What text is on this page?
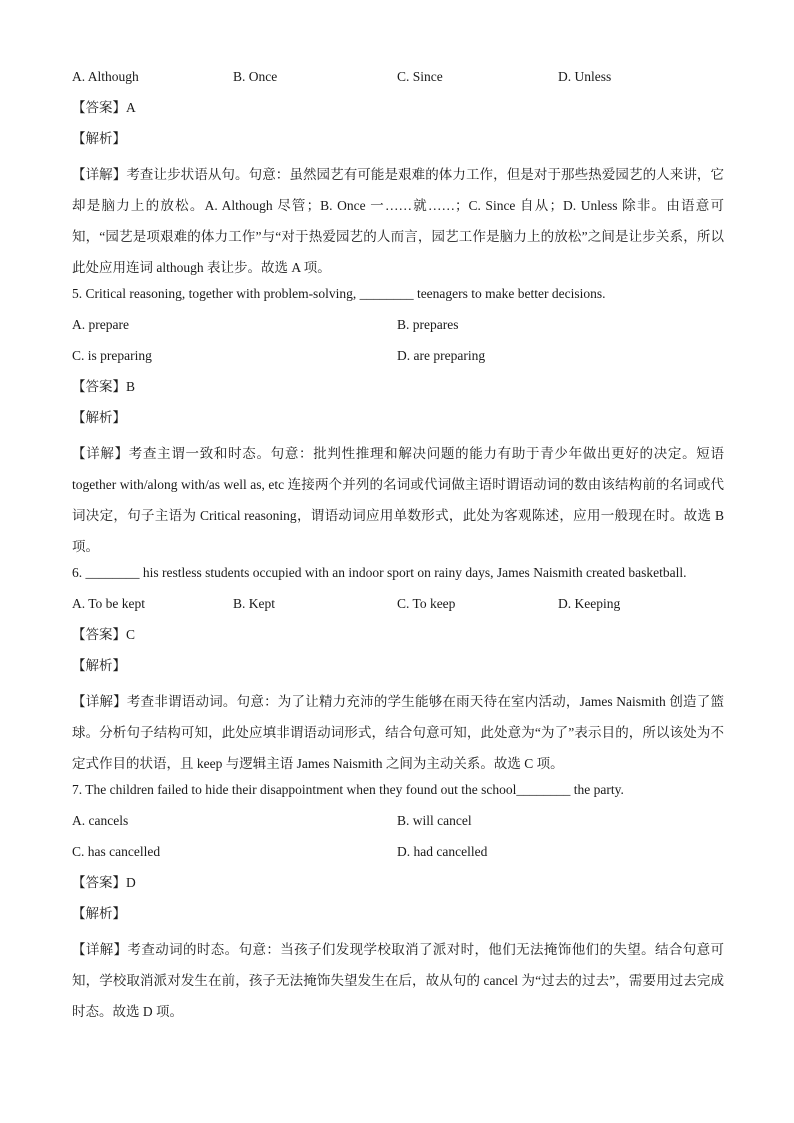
A. Although	B. Once	C. Since	D. Unless
【答案】A
【解析】
【详解】考查让步状语从句。句意：虽然园艺有可能是艰难的体力工作，但是对于那些热爱园艺的人来讲，它却是脑力上的放松。A. Although 尽管；B. Once 一……就……；C. Since 自从；D. Unless 除非。由语意可知，“园艺是项艰难的体力工作”与“对于热爱园艺的人而言，园艺工作是脑力上的放松”之间是让步关系，所以此处应用连词 although 表让步。故选 A 项。
5. Critical reasoning, together with problem-solving, ________ teenagers to make better decisions.
A. prepare	B. prepares
C. is preparing	D. are preparing
【答案】B
【解析】
【详解】考查主谓一致和时态。句意：批判性推理和解决问题的能力有助于青少年做出更好的决定。短语 together with/along with/as well as, etc 连接两个并列的名词或代词做主语时谓语动词的数由该结构前的名词或代词决定，句子主语为 Critical reasoning，谓语动词应用单数形式，此处为客观陈述，应用一般现在时。故选 B 项。
6. ________ his restless students occupied with an indoor sport on rainy days, James Naismith created basketball.
A. To be kept	B. Kept	C. To keep	D. Keeping
【答案】C
【解析】
【详解】考查非谓语动词。句意：为了让精力充沛的学生能够在雨天待在室内活动，James Naismith 创造了篮球。分析句子结构可知，此处应填非谓语动词形式，结合句意可知，此处意为“为了”表示目的，所以该处为不定式作目的状语，且 keep 与逻辑主语 James Naismith 之间为主动关系。故选 C 项。
7. The children failed to hide their disappointment when they found out the school________ the party.
A. cancels	B. will cancel
C. has cancelled	D. had cancelled
【答案】D
【解析】
【详解】考查动词的时态。句意：当孩子们发现学校取消了派对时，他们无法掩饰他们的失望。结合句意可知，学校取消派对发生在前，孩子无法掩饰失望发生在后，故从句的 cancel 为“过去的过去”，需要用过去完成时态。故选 D 项。
